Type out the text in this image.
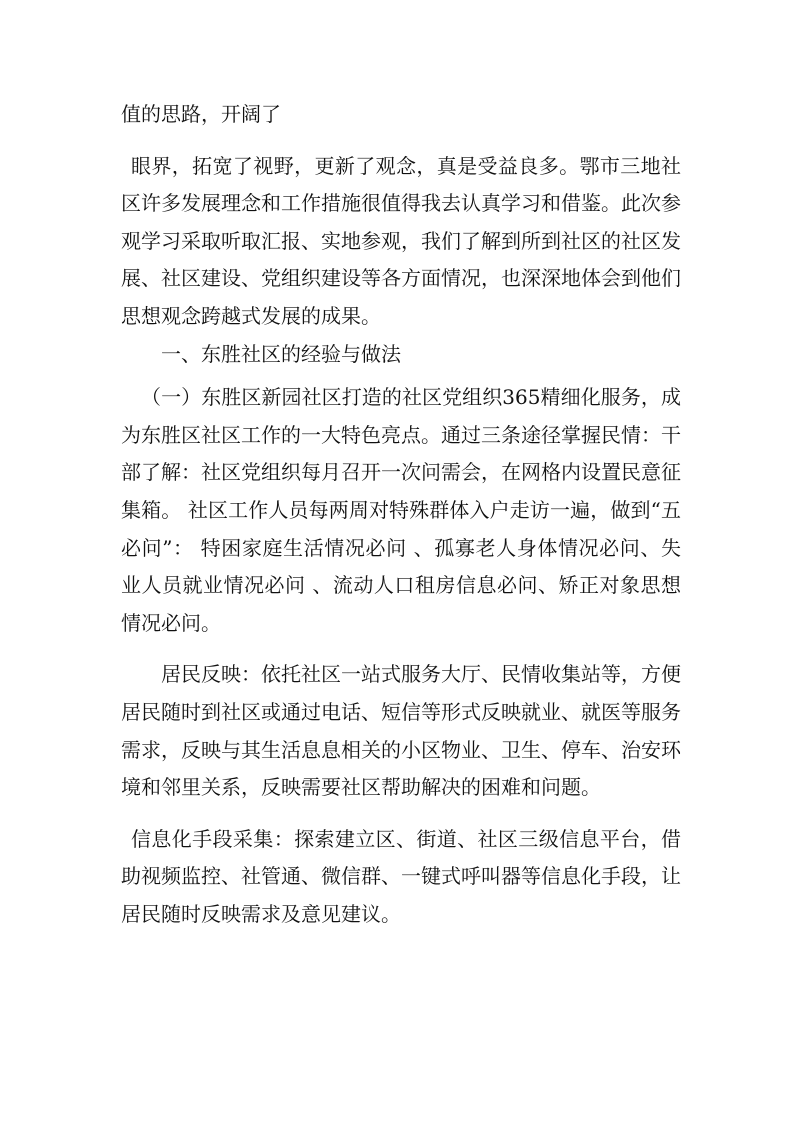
值的思路，开阔了

眼界，拓宽了视野，更新了观念，真是受益良多。鄂市三地社区许多发展理念和工作措施很值得我去认真学习和借鉴。此次参观学习采取听取汇报、实地参观，我们了解到所到社区的社区发展、社区建设、党组织建设等各方面情况，也深深地体会到他们思想观念跨越式发展的成果。

一、东胜社区的经验与做法

（一）东胜区新园社区打造的社区党组织365精细化服务，成为东胜区社区工作的一大特色亮点。通过三条途径掌握民情：干部了解：社区党组织每月召开一次问需会，在网格内设置民意征集箱。 社区工作人员每两周对特殊群体入户走访一遍，做到“五必问”： 特困家庭生活情况必问 、孤寡老人身体情况必问、失业人员就业情况必问 、流动人口租房信息必问、矫正对象思想情况必问。

居民反映：依托社区一站式服务大厅、民情收集站等，方便居民随时到社区或通过电话、短信等形式反映就业、就医等服务需求，反映与其生活息息相关的小区物业、卫生、停车、治安环境和邻里关系，反映需要社区帮助解决的困难和问题。

信息化手段采集：探索建立区、街道、社区三级信息平台，借助视频监控、社管通、微信群、一键式呼叫器等信息化手段，让居民随时反映需求及意见建议。
